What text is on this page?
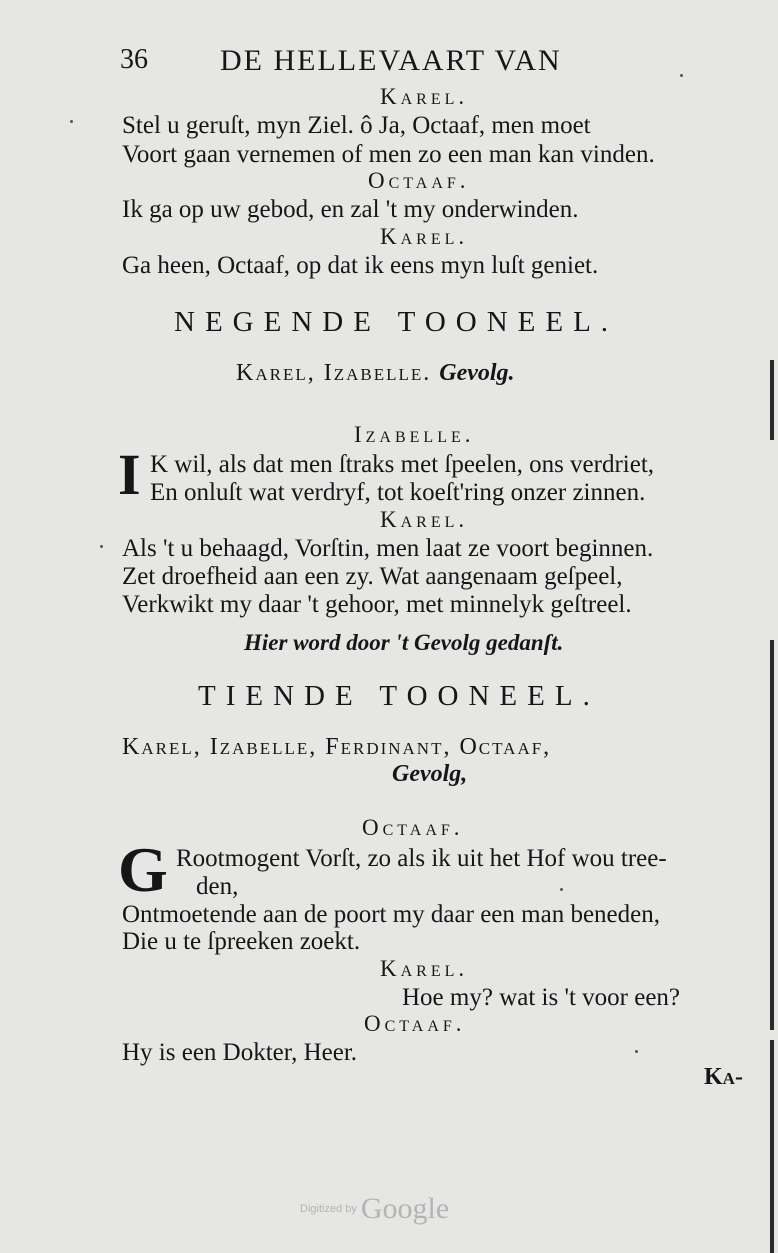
36 DE HELLEVAART VAN
Karel.
Stel u geruſt, myn Ziel. ô Ja, Octaaf, men moet
Voort gaan vernemen of men zo een man kan vinden.
Octaaf.
Ik ga op uw gebod, en zal 't my onderwinden.
Karel.
Ga heen, Octaaf, op dat ik eens myn luſt geniet.
NEGENDE TOONEEL.
Karel, Izabelle. Gevolg.
Izabelle.
I K wil, als dat men ſtraks met ſpeelen, ons verdriet,
En onluſt wat verdryf, tot koeſt'ring onzer zinnen.
Karel.
Als 't u behaagd, Vorſtin, men laat ze voort beginnen.
Zet droefheid aan een zy. Wat aangenaam geſpeel,
Verkwikt my daar 't gehoor, met minnelyk geſtreel.
Hier word door 't Gevolg gedanſt.
TIENDE TOONEEL.
Karel, Izabelle, Ferdinant, Octaaf,
Gevolg,
Octaaf.
G Rootmogent Vorſt, zo als ik uit het Hof wou tree-
den,
Ontmoetende aan de poort my daar een man beneden,
Die u te ſpreeken zoekt.
Karel.
Hoe my? wat is 't voor een?
Octaaf.
Hy is een Dokter, Heer.
Ka-
Digitized by Google
